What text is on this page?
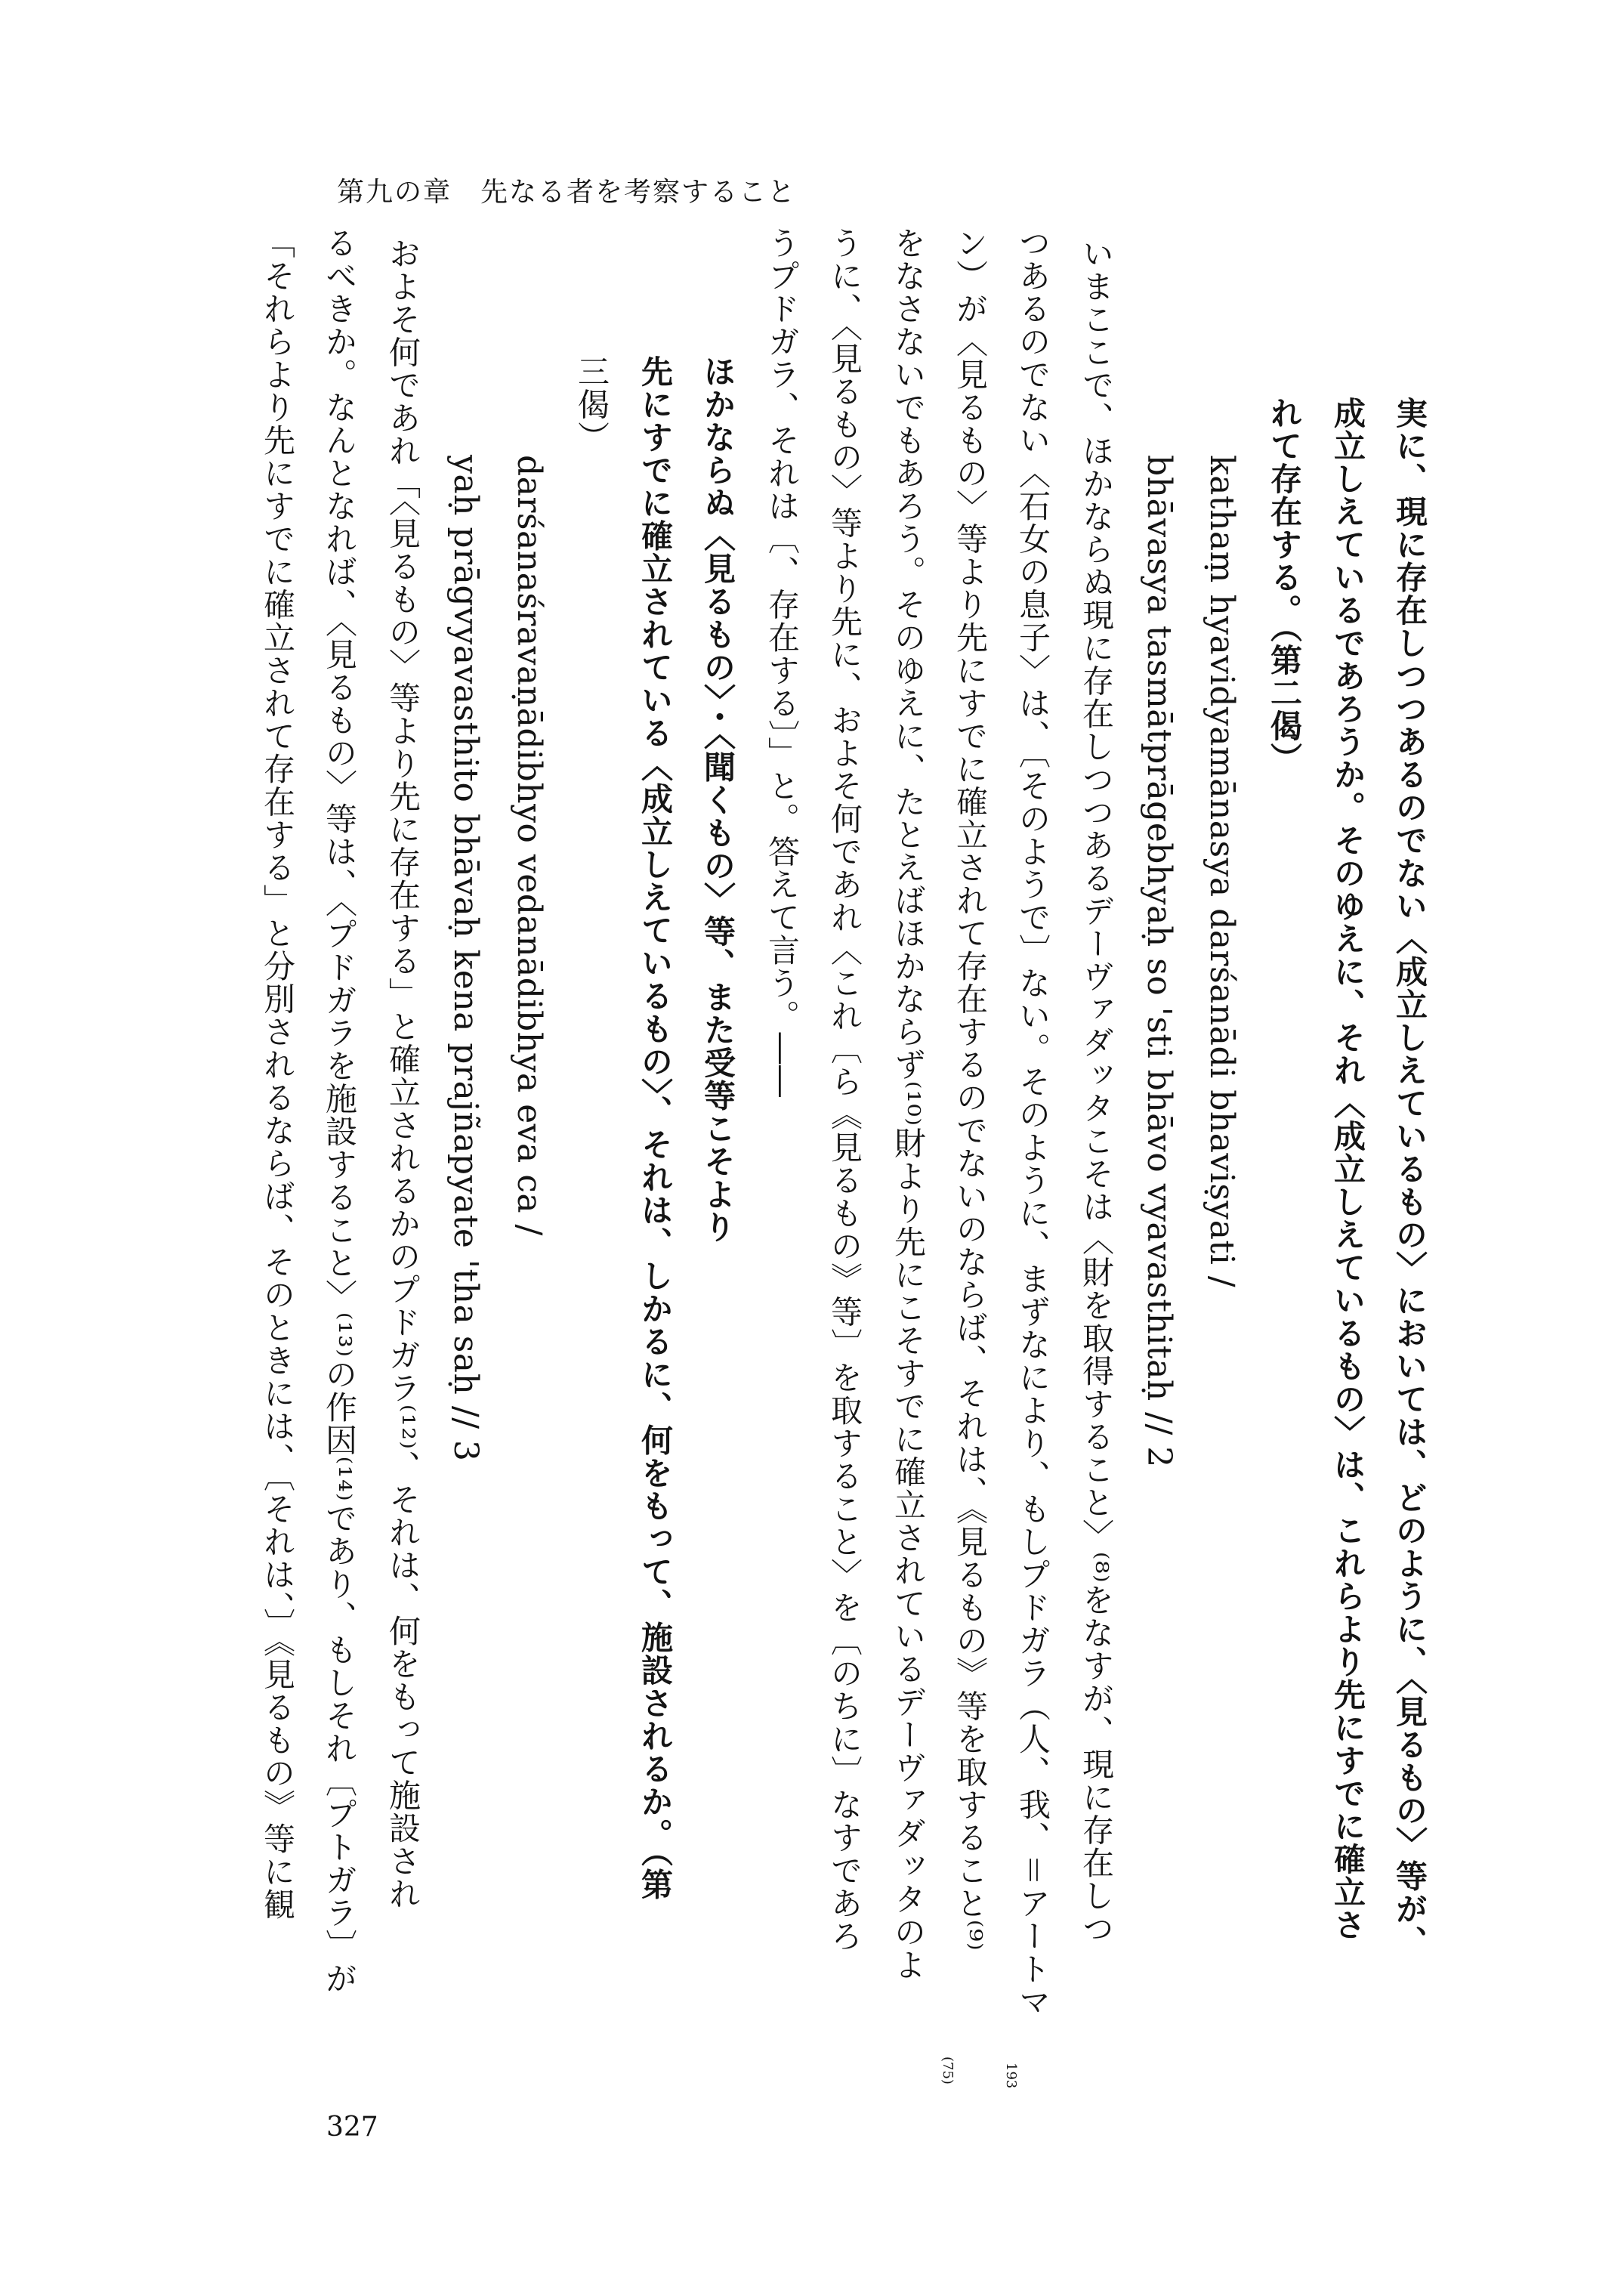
第九の章　先なる者を考察すること
実に、現に存在しつつあるのでない〈成立しえているもの〉においては、どのように、〈見るもの〉等が、
成立しえているであろうか。そのゆえに、それ〈成立しえているもの〉は、これらより先にすでに確立さ
れて存在する。（第二偈）
kathaṃ hyavidyamānasya darśanādi bhaviṣyati /
bhāvasya tasmātprāgebhyaḥ so 'sti bhāvo vyavasthitaḥ // 2
いまここで、ほかならぬ現に存在しつつあるデーヴァダッタこそは〈財を取得すること〉⁽⁸⁾をなすが、現に存在しつ
つあるのでない〈石女の息子〉は、〔そのようで〕ない。そのように、まずなにより、もしプドガラ（人、我、＝アートマ
ン）が〈見るもの〉等より先にすでに確立されて存在するのでないのならば、それは、《見るもの》等を取すること⁽⁹⁾
をなさないでもあろう。そのゆえに、たとえばほかならず⁽¹⁰⁾財より先にこそすでに確立されているデーヴァダッタのよ
うに、〈見るもの〉等より先に、およそ何であれ〈これ〔ら《見るもの》等〕を取すること〉を〔のちに〕なすであろ
うプドガラ、それは〔、存在する〕」と。答えて言う。――
ほかならぬ〈見るもの〉・〈聞くもの〉等、また受等こそより
先にすでに確立されている〈成立しえているもの〉、それは、しかるに、何をもって、施設されるか。（第
三偈）
darśanaśravaṇādibhyo vedanādibhya eva ca /
yaḥ prāgvyavasthito bhāvaḥ kena prajñapyate 'tha saḥ // 3
およそ何であれ「〈見るもの〉等より先に存在する」と確立されるかのプドガラ⁽¹²⁾、それは、何をもって施設され
るべきか。なんとなれば、〈見るもの〉等は、〈プドガラを施設すること〉⁽¹³⁾の作因⁽¹⁴⁾であり、もしそれ〔プトガラ〕が
「それらより先にすでに確立されて存在する」と分別されるならば、そのときには、〔それは、〕《見るもの》等に観
193
(75)
327
